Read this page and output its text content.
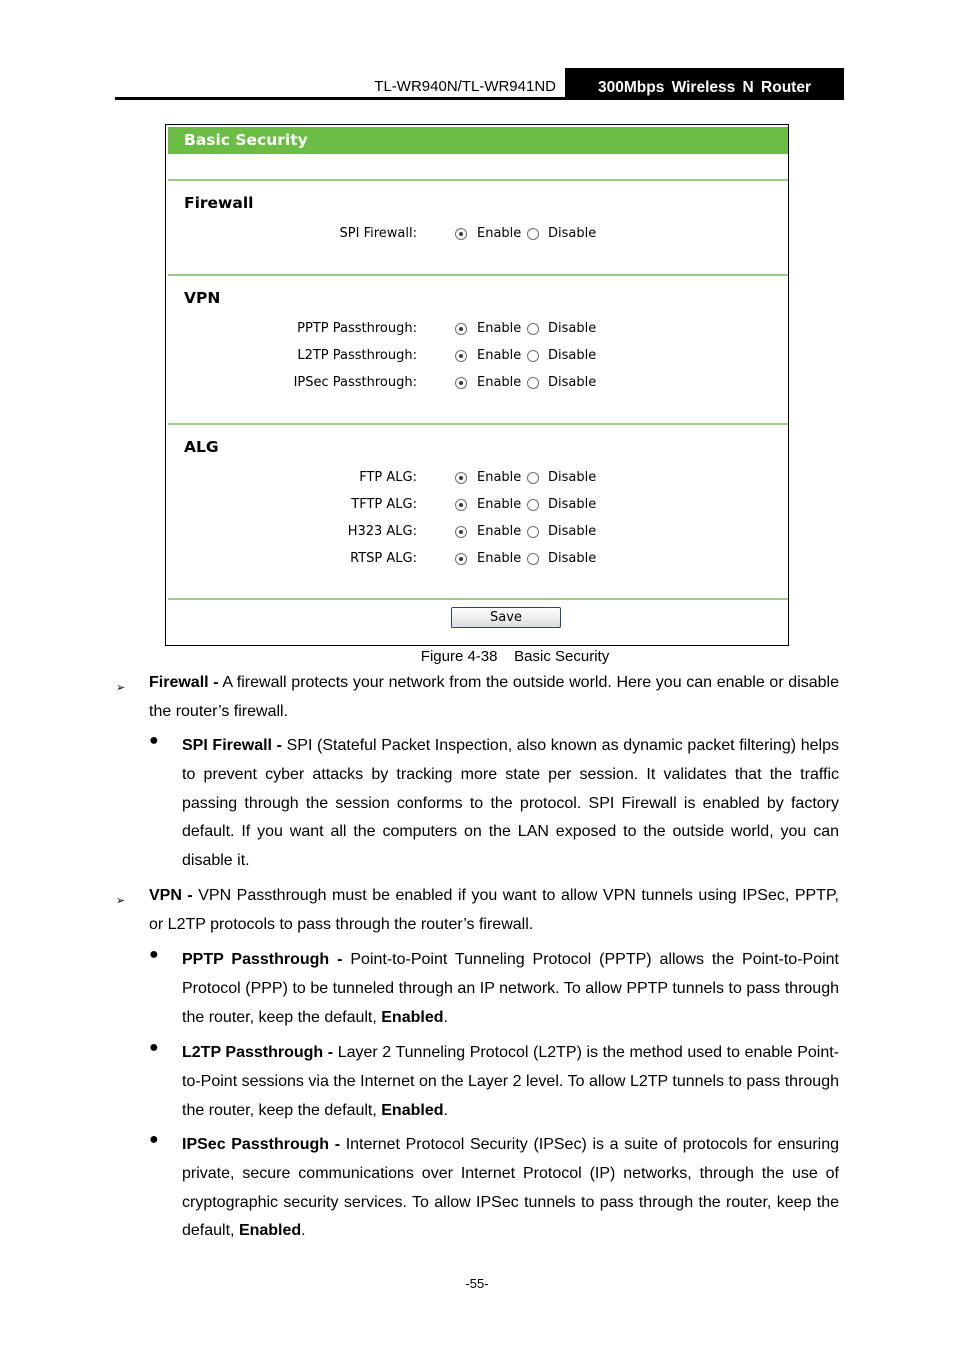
TL-WR940N/TL-WR941ND	300Mbps Wireless N Router
Basic Security
Firewall
SPI Firewall:	Enable Disable
VPN
PPTP Passthrough:	Enable Disable
L2TP Passthrough:	Enable Disable
IPSec Passthrough:	Enable Disable
ALG
FTP ALG:	Enable Disable
TFTP ALG:	Enable Disable
H323 ALG:	Enable Disable
RTSP ALG:	Enable Disable
Save
Figure 4-38    Basic Security
➢ Firewall - A firewall protects your network from the outside world. Here you can enable or disable the router’s firewall.
● SPI Firewall - SPI (Stateful Packet Inspection, also known as dynamic packet filtering) helps to prevent cyber attacks by tracking more state per session. It validates that the traffic passing through the session conforms to the protocol. SPI Firewall is enabled by factory default. If you want all the computers on the LAN exposed to the outside world, you can disable it.
➢ VPN - VPN Passthrough must be enabled if you want to allow VPN tunnels using IPSec, PPTP, or L2TP protocols to pass through the router’s firewall.
● PPTP Passthrough - Point-to-Point Tunneling Protocol (PPTP) allows the Point-to-Point Protocol (PPP) to be tunneled through an IP network. To allow PPTP tunnels to pass through the router, keep the default, Enabled.
● L2TP Passthrough - Layer 2 Tunneling Protocol (L2TP) is the method used to enable Point-to-Point sessions via the Internet on the Layer 2 level. To allow L2TP tunnels to pass through the router, keep the default, Enabled.
● IPSec Passthrough - Internet Protocol Security (IPSec) is a suite of protocols for ensuring private, secure communications over Internet Protocol (IP) networks, through the use of cryptographic security services. To allow IPSec tunnels to pass through the router, keep the default, Enabled.
-55-
